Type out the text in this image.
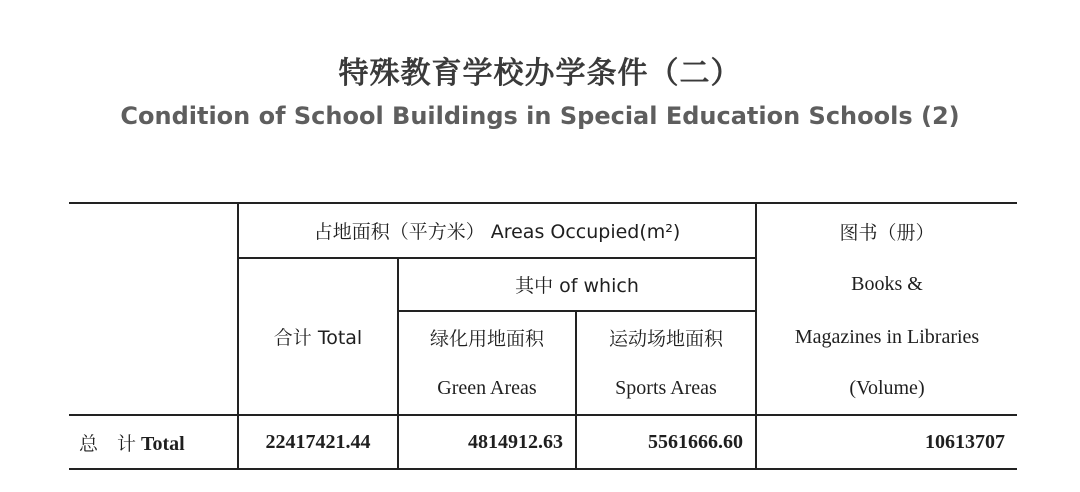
特殊教育学校办学条件（二）
Condition of School Buildings in Special Education Schools (2)
	占地面积（平方米） Areas Occupied(m²)			图书（册）
	合计 Total	其中 of which		Books &
		绿化用地面积	运动场地面积	Magazines in Libraries
		Green Areas	Sports Areas	(Volume)
总　计 Total	22417421.44	4814912.63	5561666.60	10613707
